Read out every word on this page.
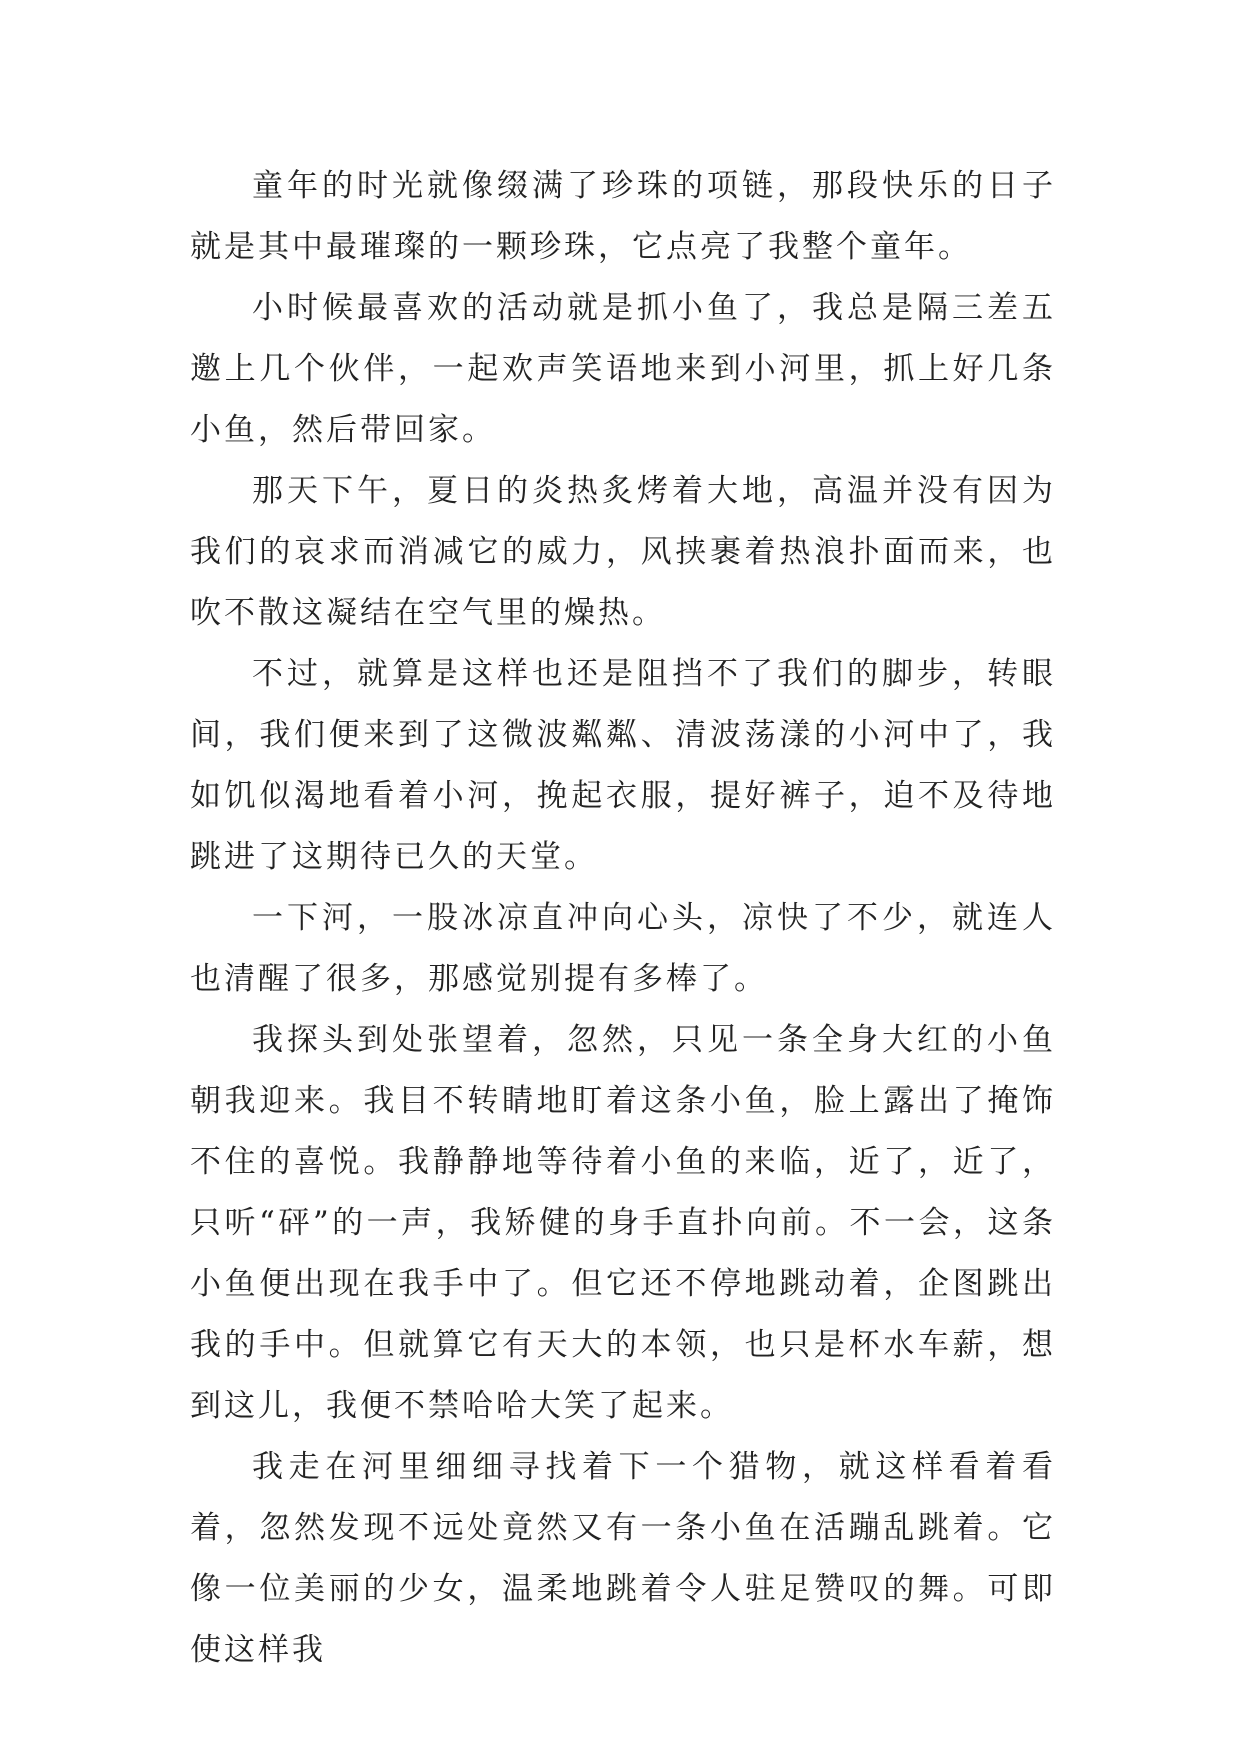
童年的时光就像缀满了珍珠的项链，那段快乐的日子就是其中最璀璨的一颗珍珠，它点亮了我整个童年。

小时候最喜欢的活动就是抓小鱼了，我总是隔三差五邀上几个伙伴，一起欢声笑语地来到小河里，抓上好几条小鱼，然后带回家。

那天下午，夏日的炎热炙烤着大地，高温并没有因为我们的哀求而消减它的威力，风挟裹着热浪扑面而来，也吹不散这凝结在空气里的燥热。

不过，就算是这样也还是阻挡不了我们的脚步，转眼间，我们便来到了这微波粼粼、清波荡漾的小河中了，我如饥似渴地看着小河，挽起衣服，提好裤子，迫不及待地跳进了这期待已久的天堂。

一下河，一股冰凉直冲向心头，凉快了不少，就连人也清醒了很多，那感觉别提有多棒了。

我探头到处张望着，忽然，只见一条全身大红的小鱼朝我迎来。我目不转睛地盯着这条小鱼，脸上露出了掩饰不住的喜悦。我静静地等待着小鱼的来临，近了，近了，只听“砰”的一声，我矫健的身手直扑向前。不一会，这条小鱼便出现在我手中了。但它还不停地跳动着，企图跳出我的手中。但就算它有天大的本领，也只是杯水车薪，想到这儿，我便不禁哈哈大笑了起来。

我走在河里细细寻找着下一个猎物，就这样看着看着，忽然发现不远处竟然又有一条小鱼在活蹦乱跳着。它像一位美丽的少女，温柔地跳着令人驻足赞叹的舞。可即使这样我
